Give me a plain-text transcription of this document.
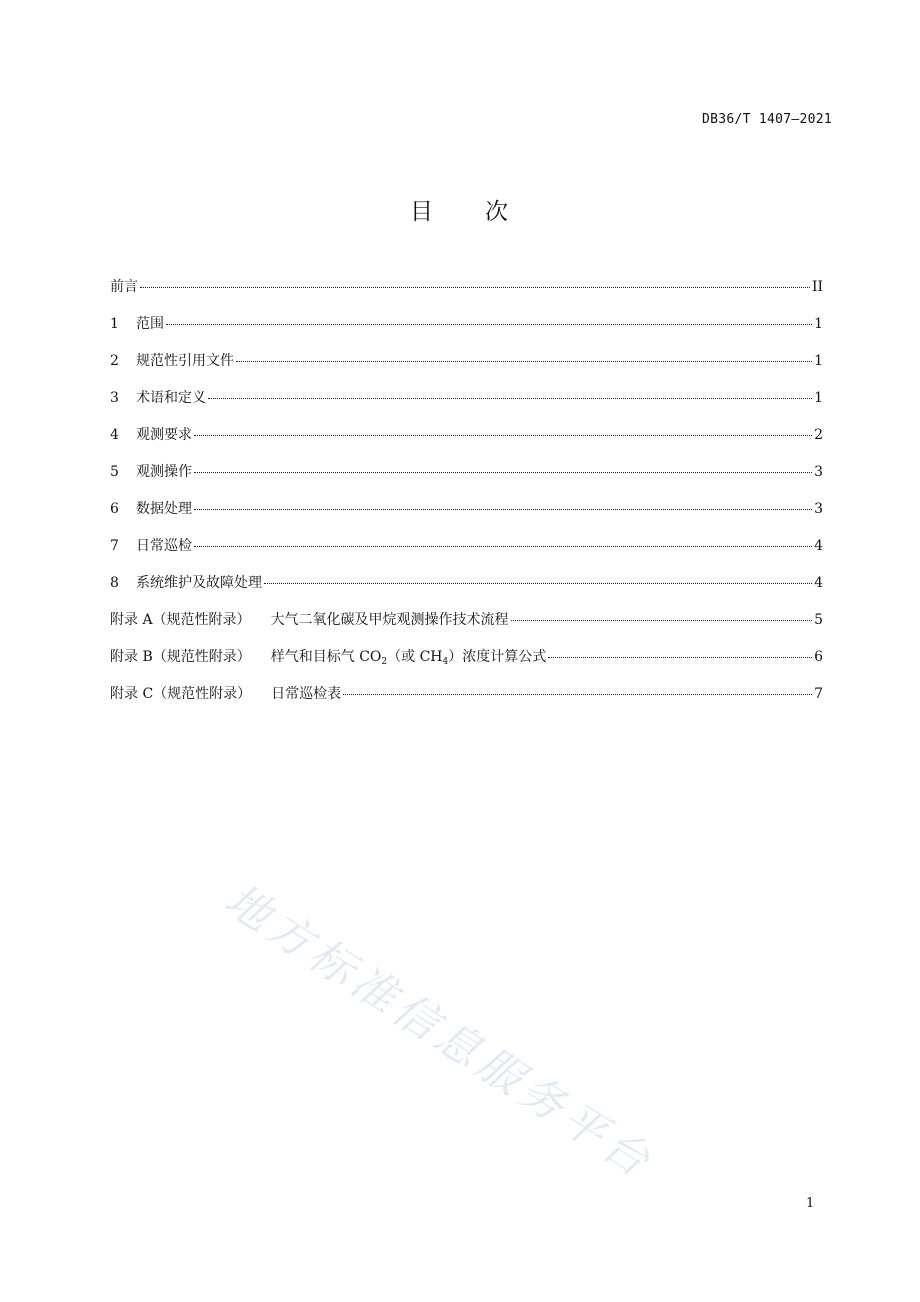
DB36/T 1407—2021
目　　次
前言	II
1	范围	1
2	规范性引用文件	1
3	术语和定义	1
4	观测要求	2
5	观测操作	3
6	数据处理	3
7	日常巡检	4
8	系统维护及故障处理	4
附录 A（规范性附录） 大气二氧化碳及甲烷观测操作技术流程	5
附录 B（规范性附录） 样气和目标气 $CO_2$（或 $CH_4$）浓度计算公式	6
附录 C（规范性附录） 日常巡检表	7
地方标准信息服务平台
1
